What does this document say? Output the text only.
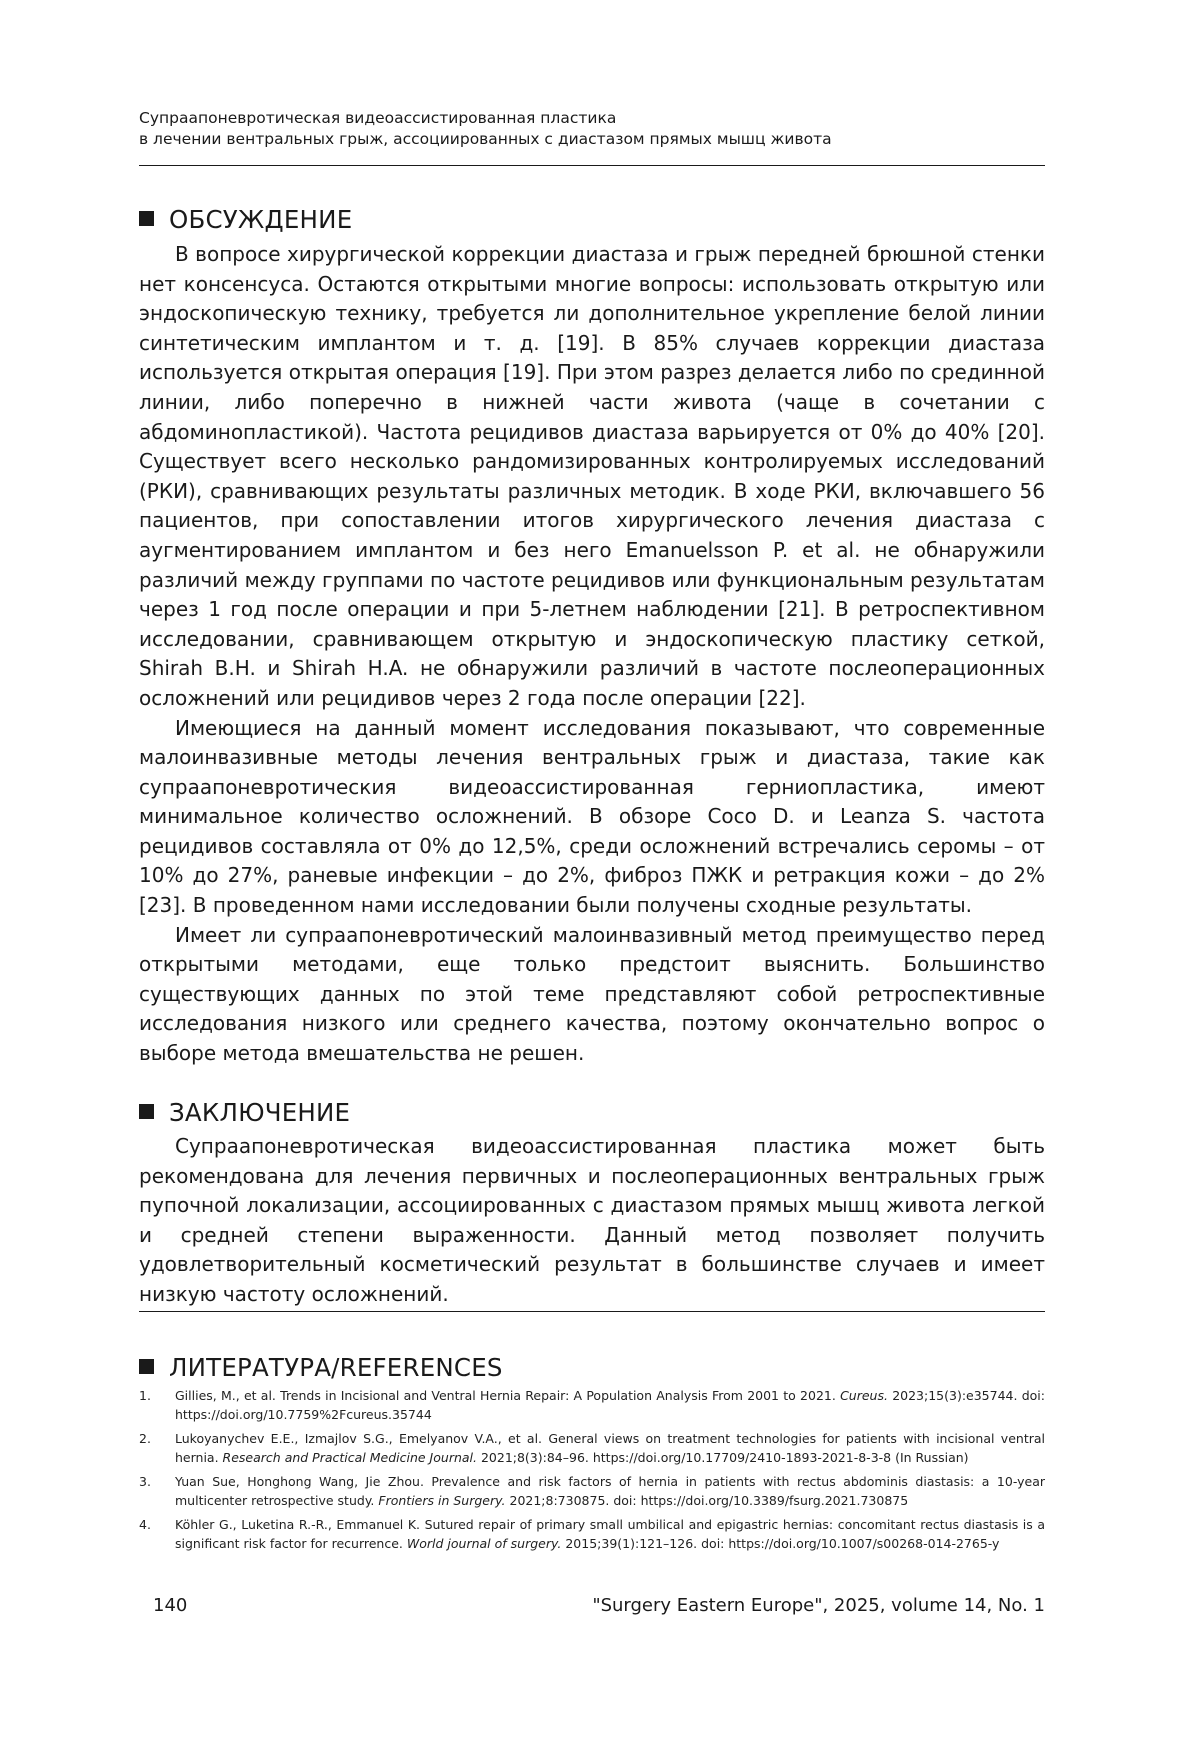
Супраапоневротическая видеоассистированная пластика
в лечении вентральных грыж, ассоциированных с диастазом прямых мышц живота
ОБСУЖДЕНИЕ

В вопросе хирургической коррекции диастаза и грыж передней брюшной стенки нет консенсуса. Остаются открытыми многие вопросы: использовать открытую или эндоскопическую технику, требуется ли дополнительное укрепление белой линии синтетическим имплантом и т. д. [19]. В 85% случаев коррекции диастаза используется открытая операция [19]. При этом разрез делается либо по срединной линии, либо поперечно в нижней части живота (чаще в сочетании с абдоминопластикой). Частота рецидивов диастаза варьируется от 0% до 40% [20]. Существует всего несколько рандомизированных контролируемых исследований (РКИ), сравнивающих результаты различных методик. В ходе РКИ, включавшего 56 пациентов, при сопоставлении итогов хирургического лечения диастаза с аугментированием имплантом и без него Emanuelsson P. et al. не обнаружили различий между группами по частоте рецидивов или функциональным результатам через 1 год после операции и при 5-летнем наблюдении [21]. В ретроспективном исследовании, сравнивающем открытую и эндоскопическую пластику сеткой, Shirah B.H. и Shirah H.A. не обнаружили различий в частоте послеоперационных осложнений или рецидивов через 2 года после операции [22].

Имеющиеся на данный момент исследования показывают, что современные малоинвазивные методы лечения вентральных грыж и диастаза, такие как супраапоневротическия видеоассистированная герниопластика, имеют минимальное количество осложнений. В обзоре Coco D. и Leanza S. частота рецидивов составляла от 0% до 12,5%, среди осложнений встречались серомы – от 10% до 27%, раневые инфекции – до 2%, фиброз ПЖК и ретракция кожи – до 2% [23]. В проведенном нами исследовании были получены сходные результаты.

Имеет ли супраапоневротический малоинвазивный метод преимущество перед открытыми методами, еще только предстоит выяснить. Большинство существующих данных по этой теме представляют собой ретроспективные исследования низкого или среднего качества, поэтому окончательно вопрос о выборе метода вмешательства не решен.

ЗАКЛЮЧЕНИЕ

Супраапоневротическая видеоассистированная пластика может быть рекомендована для лечения первичных и послеоперационных вентральных грыж пупочной локализации, ассоциированных с диастазом прямых мышц живота легкой и средней степени выраженности. Данный метод позволяет получить удовлетворительный косметический результат в большинстве случаев и имеет низкую частоту осложнений.

ЛИТЕРАТУРА/REFERENCES
1. Gillies, M., et al. Trends in Incisional and Ventral Hernia Repair: A Population Analysis From 2001 to 2021. Cureus. 2023;15(3):e35744. doi: https://doi.org/10.7759%2Fcureus.35744
2. Lukoyanychev E.E., Izmajlov S.G., Emelyanov V.A., et al. General views on treatment technologies for patients with incisional ventral hernia. Research and Practical Medicine Journal. 2021;8(3):84–96. https://doi.org/10.17709/2410-1893-2021-8-3-8 (In Russian)
3. Yuan Sue, Honghong Wang, Jie Zhou. Prevalence and risk factors of hernia in patients with rectus abdominis diastasis: a 10-year multicenter retrospective study. Frontiers in Surgery. 2021;8:730875. doi: https://doi.org/10.3389/fsurg.2021.730875
4. Köhler G., Luketina R.-R., Emmanuel K. Sutured repair of primary small umbilical and epigastric hernias: concomitant rectus diastasis is a significant risk factor for recurrence. World journal of surgery. 2015;39(1):121–126. doi: https://doi.org/10.1007/s00268-014-2765-y
140	"Surgery Eastern Europe", 2025, volume 14, No. 1
